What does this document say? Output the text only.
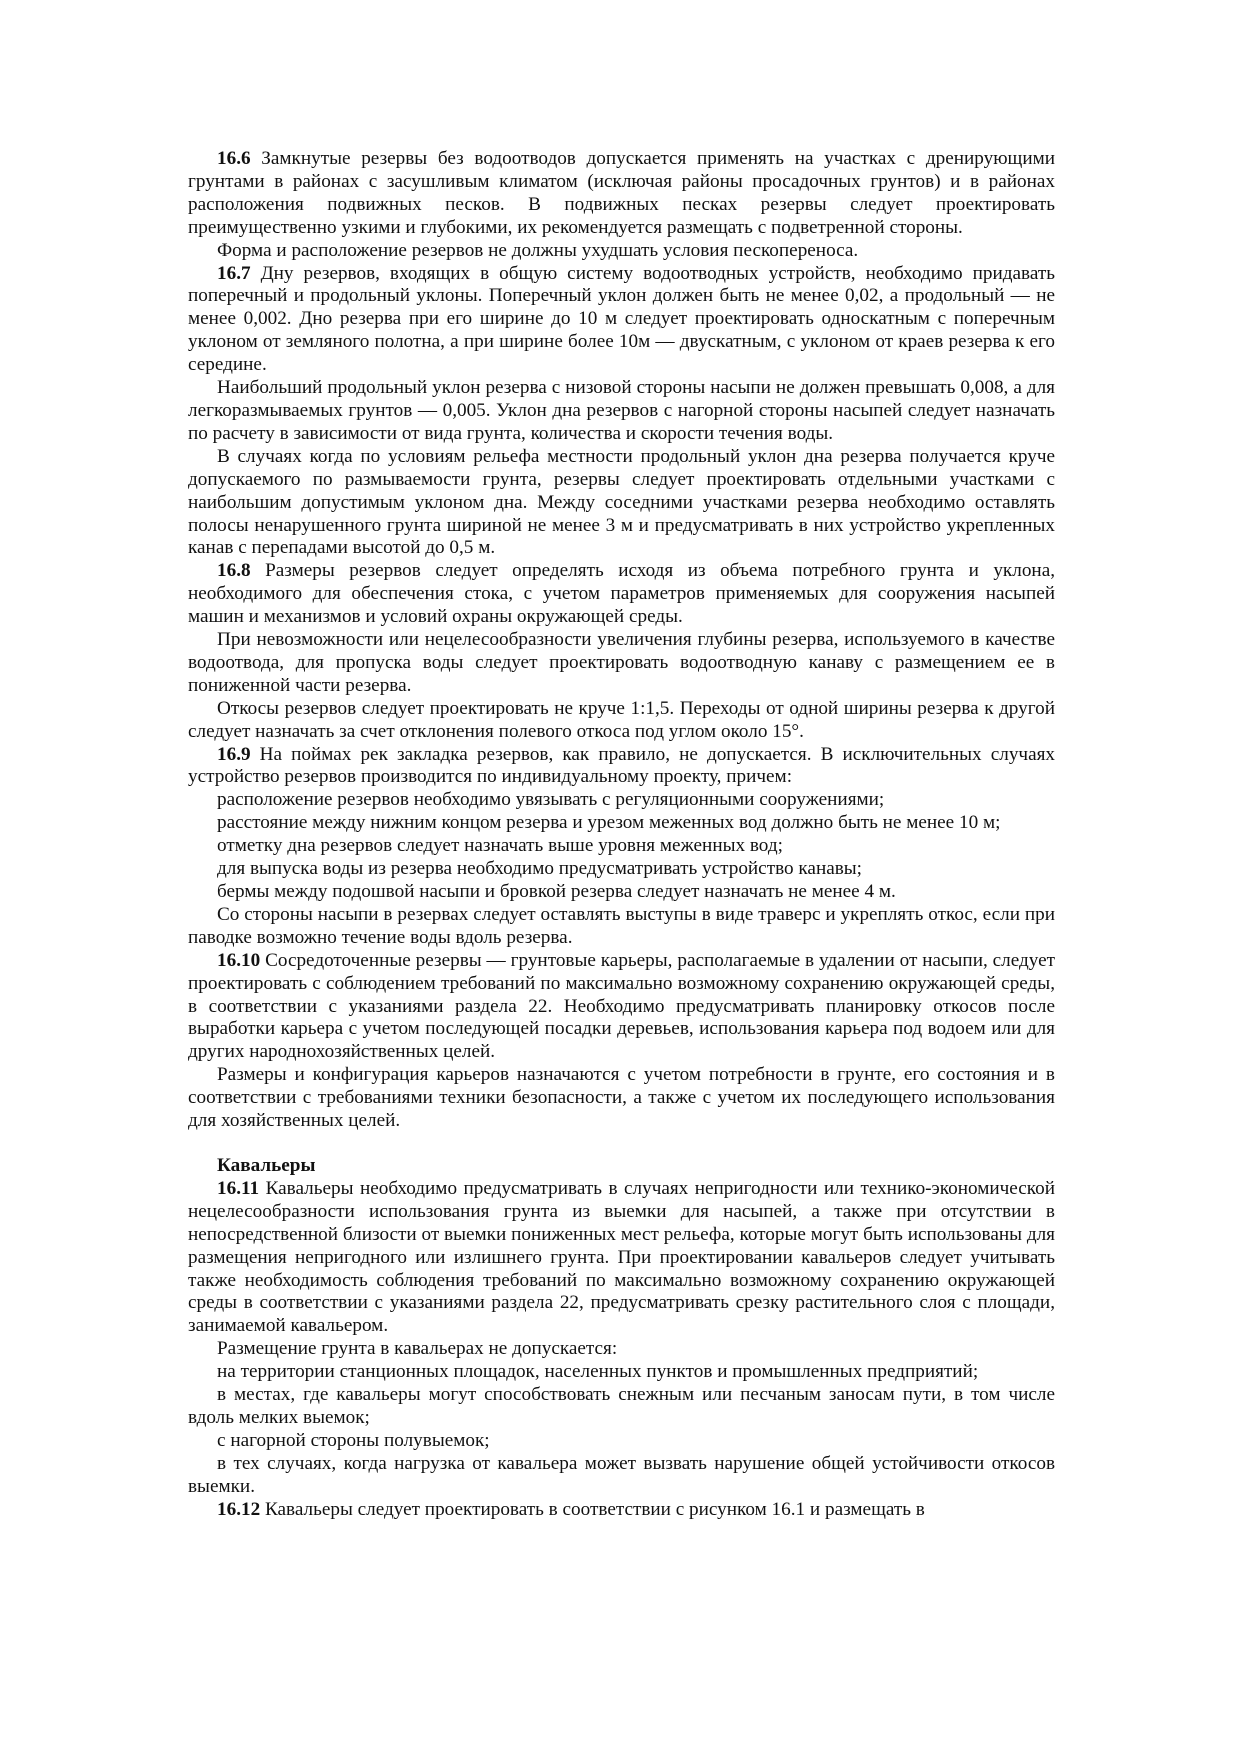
16.6 Замкнутые резервы без водоотводов допускается применять на участках с дренирующими грунтами в районах с засушливым климатом (исключая районы просадочных грунтов) и в районах расположения подвижных песков. В подвижных песках резервы следует проектировать преимущественно узкими и глубокими, их рекомендуется размещать с подветренной стороны.

Форма и расположение резервов не должны ухудшать условия пескопереноса.

16.7 Дну резервов, входящих в общую систему водоотводных устройств, необходимо придавать поперечный и продольный уклоны. Поперечный уклон должен быть не менее 0,02, а продольный — не менее 0,002. Дно резерва при его ширине до 10 м следует проектировать односкатным с поперечным уклоном от земляного полотна, а при ширине более 10м — двускатным, с уклоном от краев резерва к его середине.

Наибольший продольный уклон резерва с низовой стороны насыпи не должен превышать 0,008, а для легкоразмываемых грунтов — 0,005. Уклон дна резервов с нагорной стороны насыпей следует назначать по расчету в зависимости от вида грунта, количества и скорости течения воды.

В случаях когда по условиям рельефа местности продольный уклон дна резерва получается круче допускаемого по размываемости грунта, резервы следует проектировать отдельными участками с наибольшим допустимым уклоном дна. Между соседними участками резерва необходимо оставлять полосы ненарушенного грунта шириной не менее 3 м и предусматривать в них устройство укрепленных канав с перепадами высотой до 0,5 м.

16.8 Размеры резервов следует определять исходя из объема потребного грунта и уклона, необходимого для обеспечения стока, с учетом параметров применяемых для сооружения насыпей машин и механизмов и условий охраны окружающей среды.

При невозможности или нецелесообразности увеличения глубины резерва, используемого в качестве водоотвода, для пропуска воды следует проектировать водоотводную канаву с размещением ее в пониженной части резерва.

Откосы резервов следует проектировать не круче 1:1,5. Переходы от одной ширины резерва к другой следует назначать за счет отклонения полевого откоса под углом около 15°.

16.9 На поймах рек закладка резервов, как правило, не допускается. В исключительных случаях устройство резервов производится по индивидуальному проекту, причем:

расположение резервов необходимо увязывать с регуляционными сооружениями;

расстояние между нижним концом резерва и урезом меженных вод должно быть не менее 10 м;

отметку дна резервов следует назначать выше уровня меженных вод;

для выпуска воды из резерва необходимо предусматривать устройство канавы;

бермы между подошвой насыпи и бровкой резерва следует назначать не менее 4 м.

Со стороны насыпи в резервах следует оставлять выступы в виде траверс и укреплять откос, если при паводке возможно течение воды вдоль резерва.

16.10 Сосредоточенные резервы — грунтовые карьеры, располагаемые в удалении от насыпи, следует проектировать с соблюдением требований по максимально возможному сохранению окружающей среды, в соответствии с указаниями раздела 22. Необходимо предусматривать планировку откосов после выработки карьера с учетом последующей посадки деревьев, использования карьера под водоем или для других народнохозяйственных целей.

Размеры и конфигурация карьеров назначаются с учетом потребности в грунте, его состояния и в соответствии с требованиями техники безопасности, а также с учетом их последующего использования для хозяйственных целей.

Кавальеры

16.11 Кавальеры необходимо предусматривать в случаях непригодности или технико-экономической нецелесообразности использования грунта из выемки для насыпей, а также при отсутствии в непосредственной близости от выемки пониженных мест рельефа, которые могут быть использованы для размещения непригодного или излишнего грунта. При проектировании кавальеров следует учитывать также необходимость соблюдения требований по максимально возможному сохранению окружающей среды в соответствии с указаниями раздела 22, предусматривать срезку растительного слоя с площади, занимаемой кавальером.

Размещение грунта в кавальерах не допускается:

на территории станционных площадок, населенных пунктов и промышленных предприятий;

в местах, где кавальеры могут способствовать снежным или песчаным заносам пути, в том числе вдоль мелких выемок;

с нагорной стороны полувыемок;

в тех случаях, когда нагрузка от кавальера может вызвать нарушение общей устойчивости откосов выемки.

16.12 Кавальеры следует проектировать в соответствии с рисунком 16.1 и размещать в
